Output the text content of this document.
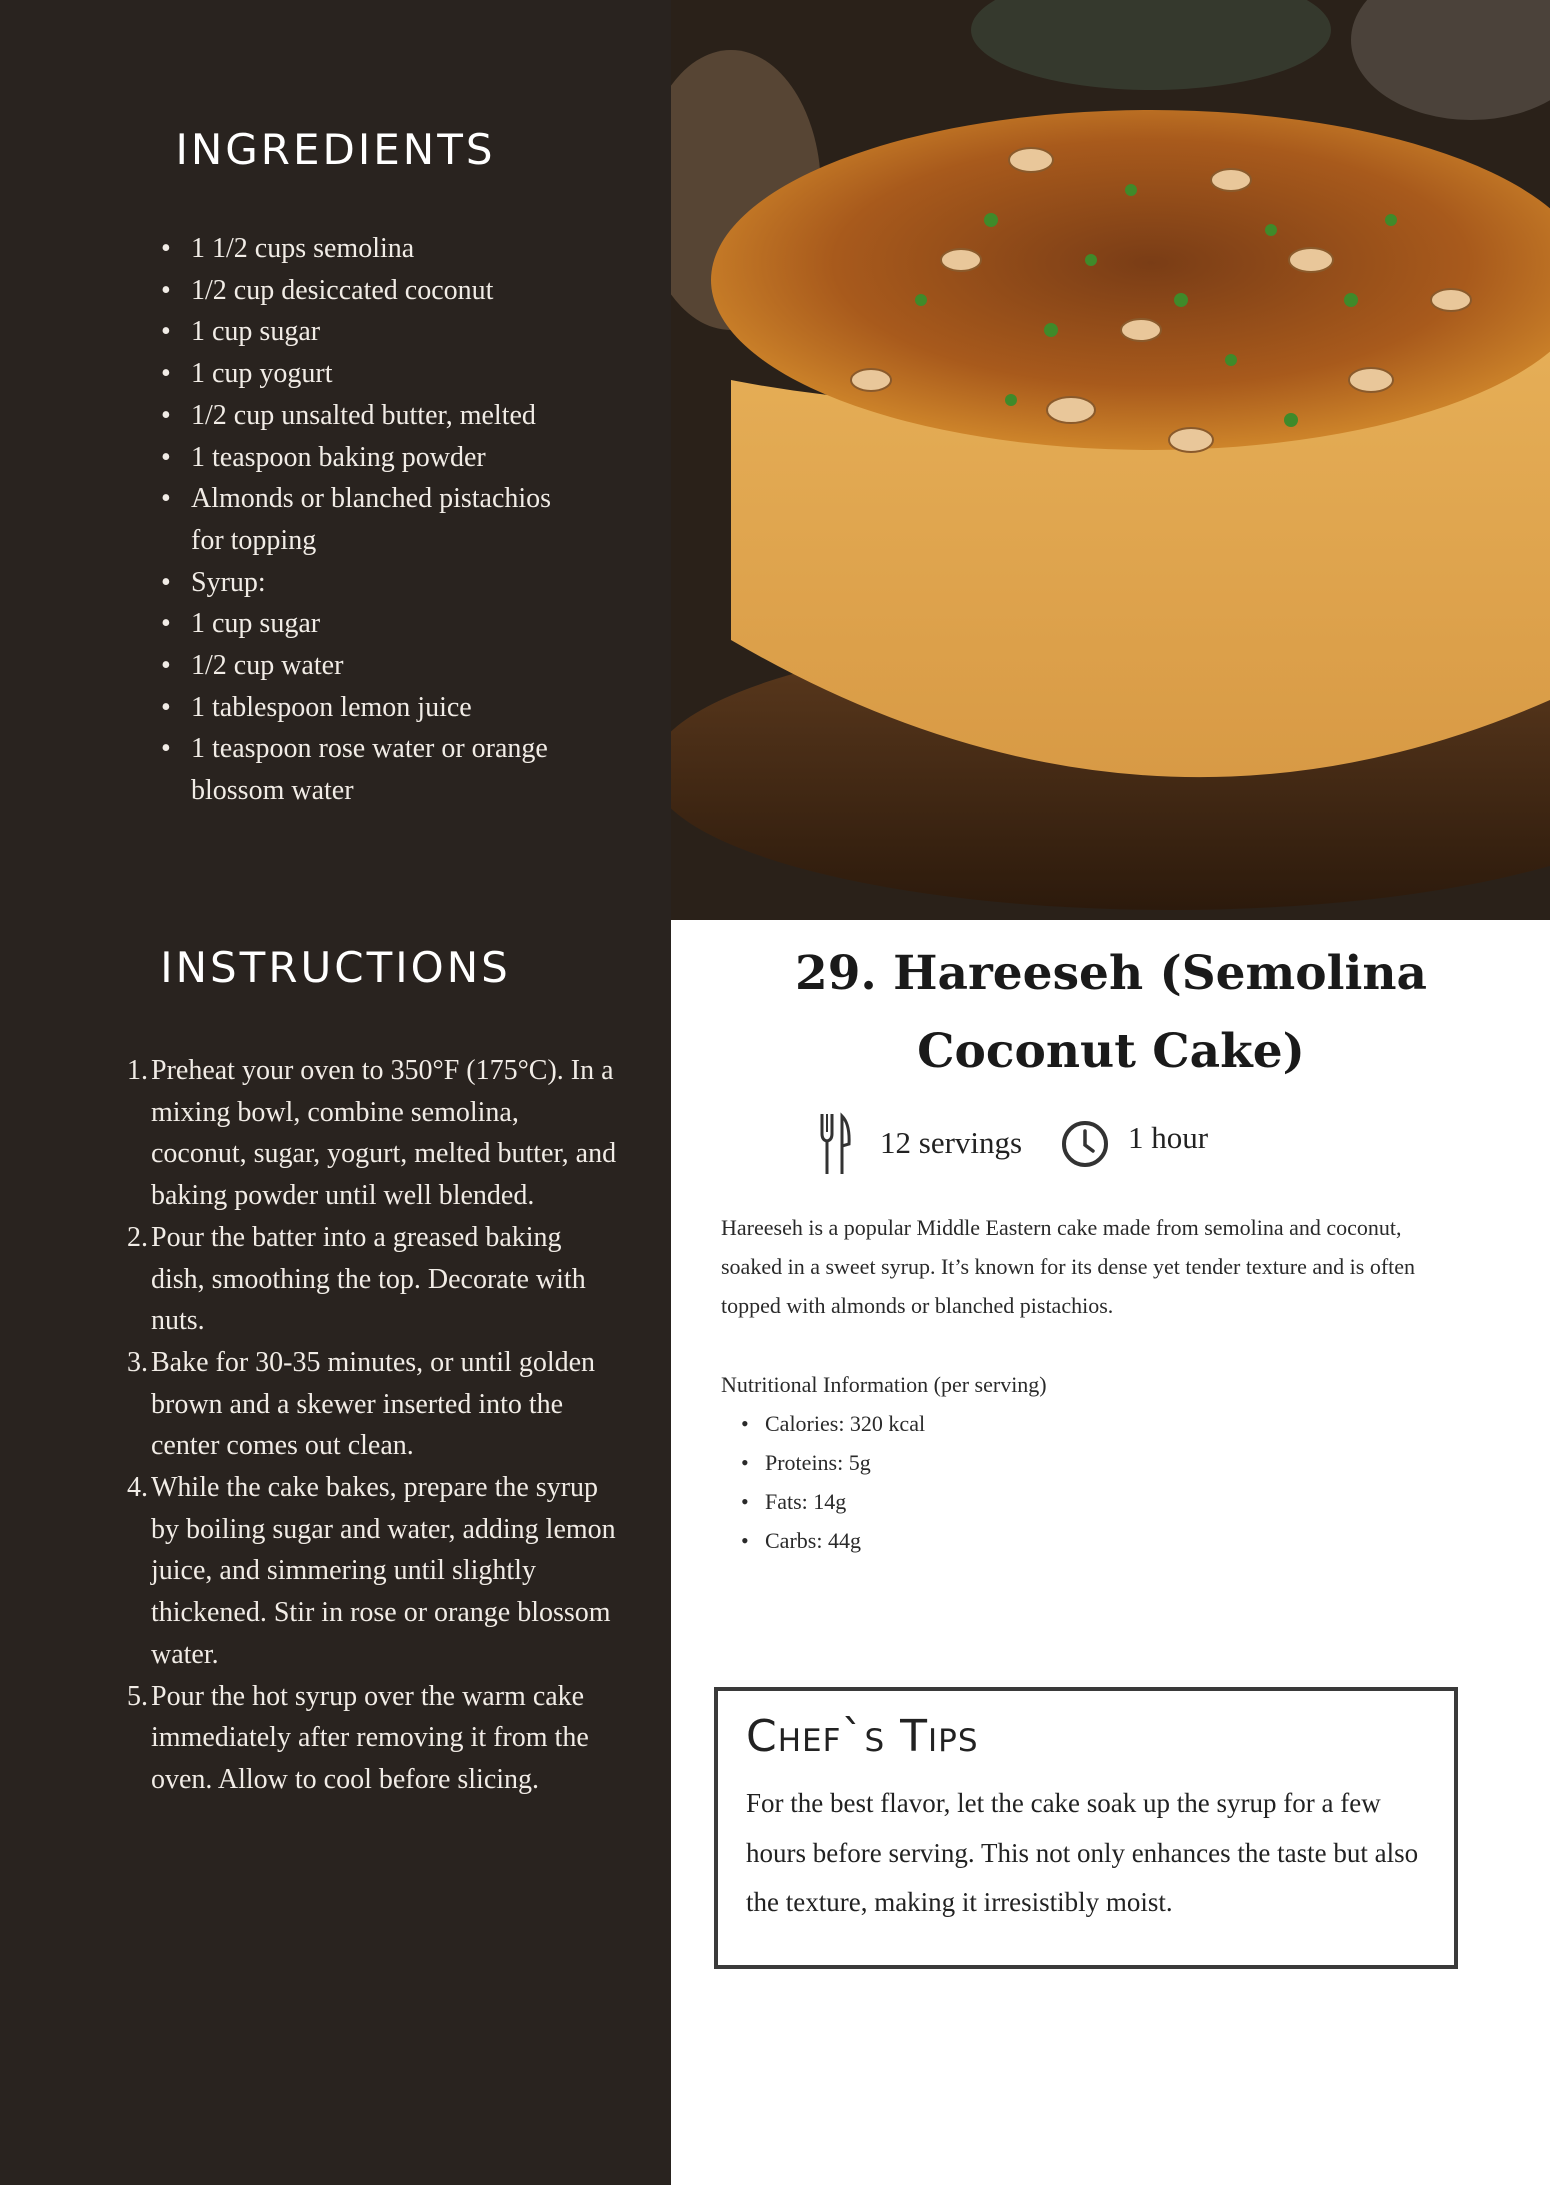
INGREDIENTS
• 1 1/2 cups semolina
• 1/2 cup desiccated coconut
• 1 cup sugar
• 1 cup yogurt
• 1/2 cup unsalted butter, melted
• 1 teaspoon baking powder
• Almonds or blanched pistachios for topping
• Syrup:
• 1 cup sugar
• 1/2 cup water
• 1 tablespoon lemon juice
• 1 teaspoon rose water or orange blossom water
INSTRUCTIONS
1. Preheat your oven to 350°F (175°C). In a mixing bowl, combine semolina, coconut, sugar, yogurt, melted butter, and baking powder until well blended.
2. Pour the batter into a greased baking dish, smoothing the top. Decorate with nuts.
3. Bake for 30-35 minutes, or until golden brown and a skewer inserted into the center comes out clean.
4. While the cake bakes, prepare the syrup by boiling sugar and water, adding lemon juice, and simmering until slightly thickened. Stir in rose or orange blossom water.
5. Pour the hot syrup over the warm cake immediately after removing it from the oven. Allow to cool before slicing.
29. Hareeseh (Semolina Coconut Cake)
12 servings	1 hour

Hareeseh is a popular Middle Eastern cake made from semolina and coconut, soaked in a sweet syrup. It’s known for its dense yet tender texture and is often topped with almonds or blanched pistachios.

Nutritional Information (per serving)

• Calories: 320 kcal
• Proteins: 5g
• Fats: 14g
• Carbs: 44g
Chef`s Tips

For the best flavor, let the cake soak up the syrup for a few hours before serving. This not only enhances the taste but also the texture, making it irresistibly moist.
